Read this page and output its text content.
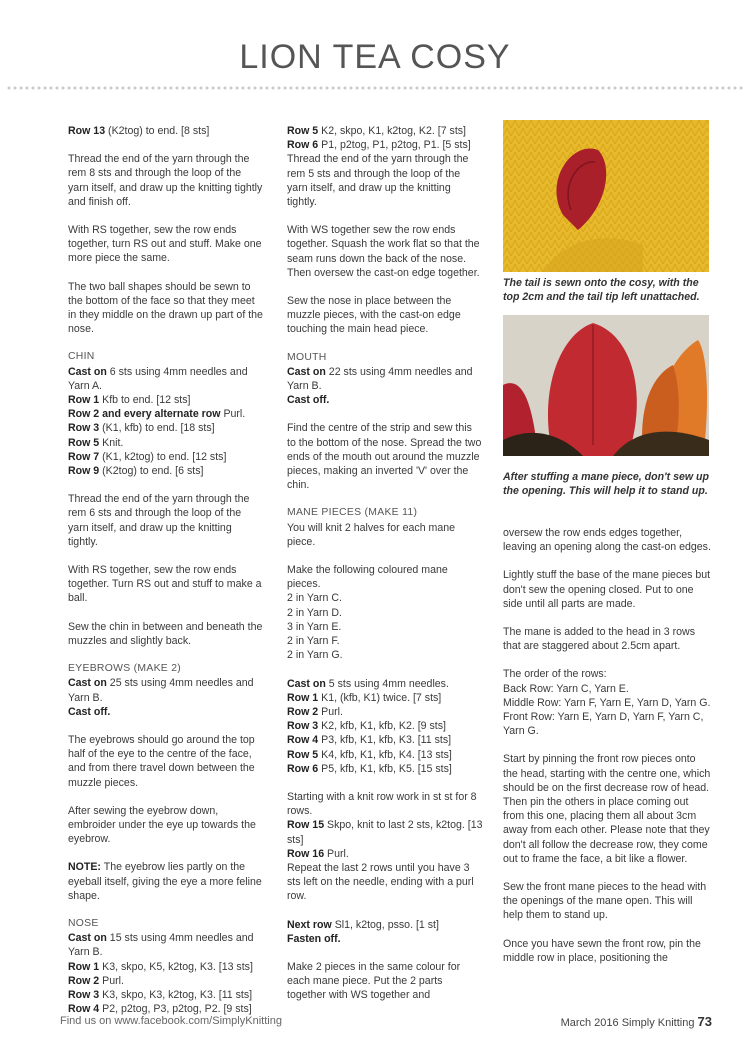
LION TEA COSY

Row 13 (K2tog) to end. [8 sts]

Thread the end of the yarn through the rem 8 sts and through the loop of the yarn itself, and draw up the knitting tightly and finish off.

With RS together, sew the row ends together, turn RS out and stuff. Make one more piece the same.

The two ball shapes should be sewn to the bottom of the face so that they meet in they middle on the drawn up part of the nose.

CHIN

Cast on 6 sts using 4mm needles and Yarn A.
Row 1 Kfb to end. [12 sts]
Row 2 and every alternate row Purl.
Row 3 (K1, kfb) to end. [18 sts]
Row 5 Knit.
Row 7 (K1, k2tog) to end. [12 sts]
Row 9 (K2tog) to end. [6 sts]

Thread the end of the yarn through the rem 6 sts and through the loop of the yarn itself, and draw up the knitting tightly.

With RS together, sew the row ends together. Turn RS out and stuff to make a ball.

Sew the chin in between and beneath the muzzles and slightly back.

EYEBROWS (MAKE 2)

Cast on 25 sts using 4mm needles and Yarn B.
Cast off.

The eyebrows should go around the top half of the eye to the centre of the face, and from there travel down between the muzzle pieces.

After sewing the eyebrow down, embroider under the eye up towards the eyebrow.

NOTE: The eyebrow lies partly on the eyeball itself, giving the eye a more feline shape.

NOSE

Cast on 15 sts using 4mm needles and Yarn B.
Row 1 K3, skpo, K5, k2tog, K3. [13 sts]
Row 2 Purl.
Row 3 K3, skpo, K3, k2tog, K3. [11 sts]
Row 4 P2, p2tog, P3, p2tog, P2. [9 sts]

Row 5 K2, skpo, K1, k2tog, K2. [7 sts]
Row 6 P1, p2tog, P1, p2tog, P1. [5 sts]
Thread the end of the yarn through the rem 5 sts and through the loop of the yarn itself, and draw up the knitting tightly.

With WS together sew the row ends together. Squash the work flat so that the seam runs down the back of the nose. Then oversew the cast-on edge together.

Sew the nose in place between the muzzle pieces, with the cast-on edge touching the main head piece.

MOUTH

Cast on 22 sts using 4mm needles and Yarn B.
Cast off.

Find the centre of the strip and sew this to the bottom of the nose. Spread the two ends of the mouth out around the muzzle pieces, making an inverted 'V' over the chin.

MANE PIECES (MAKE 11)

You will knit 2 halves for each mane piece.

Make the following coloured mane pieces.
2 in Yarn C.
2 in Yarn D.
3 in Yarn E.
2 in Yarn F.
2 in Yarn G.

Cast on 5 sts using 4mm needles.
Row 1 K1, (kfb, K1) twice. [7 sts]
Row 2 Purl.
Row 3 K2, kfb, K1, kfb, K2. [9 sts]
Row 4 P3, kfb, K1, kfb, K3. [11 sts]
Row 5 K4, kfb, K1, kfb, K4. [13 sts]
Row 6 P5, kfb, K1, kfb, K5. [15 sts]

Starting with a knit row work in st st for 8 rows.
Row 15 Skpo, knit to last 2 sts, k2tog. [13 sts]
Row 16 Purl.
Repeat the last 2 rows until you have 3 sts left on the needle, ending with a purl row.

Next row Sl1, k2tog, psso. [1 st]
Fasten off.

Make 2 pieces in the same colour for each mane piece. Put the 2 parts together with WS together and

oversew the row ends edges together, leaving an opening along the cast-on edges.

Lightly stuff the base of the mane pieces but don't sew the opening closed. Put to one side until all parts are made.

The mane is added to the head in 3 rows that are staggered about 2.5cm apart.

The order of the rows:
Back Row: Yarn C, Yarn E.
Middle Row: Yarn F, Yarn E, Yarn D, Yarn G.
Front Row: Yarn E, Yarn D, Yarn F, Yarn C, Yarn G.

Start by pinning the front row pieces onto the head, starting with the centre one, which should be on the first decrease row of head. Then pin the others in place coming out from this one, placing them all about 3cm away from each other. Please note that they don't all follow the decrease row, they come out to frame the face, a bit like a flower.

Sew the front mane pieces to the head with the openings of the mane open. This will help them to stand up.

Once you have sewn the front row, pin the middle row in place, positioning the

The tail is sewn onto the cosy, with the top 2cm and the tail tip left unattached.
After stuffing a mane piece, don't sew up the opening. This will help it to stand up.
Find us on www.facebook.com/SimplyKnitting	March 2016 Simply Knitting 73
